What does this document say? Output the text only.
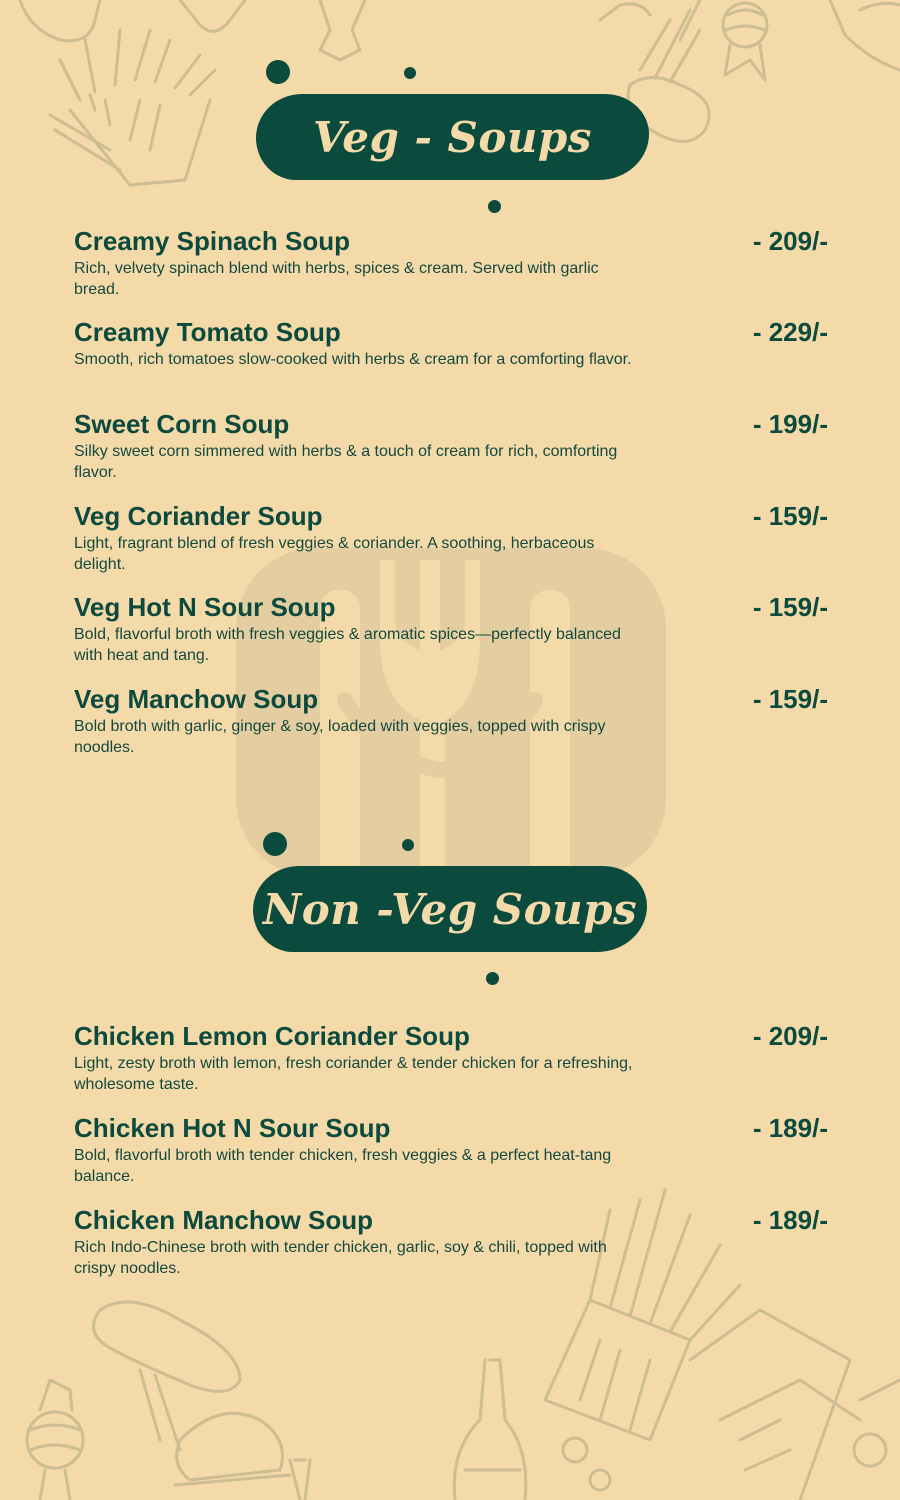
Veg - Soups
Creamy Spinach Soup	- 209/-
Rich, velvety spinach blend with herbs, spices & cream. Served with garlic bread.
Creamy Tomato Soup	- 229/-
Smooth, rich tomatoes slow-cooked with herbs & cream for a comforting flavor.
Sweet Corn Soup	- 199/-
Silky sweet corn simmered with herbs & a touch of cream for rich, comforting flavor.
Veg Coriander Soup	- 159/-
Light, fragrant blend of fresh veggies & coriander. A soothing, herbaceous delight.
Veg Hot N Sour Soup	- 159/-
Bold, flavorful broth with fresh veggies & aromatic spices—perfectly balanced with heat and tang.
Veg Manchow Soup	- 159/-
Bold broth with garlic, ginger & soy, loaded with veggies, topped with crispy noodles.
Non -Veg Soups
Chicken Lemon Coriander Soup	- 209/-
Light, zesty broth with lemon, fresh coriander & tender chicken for a refreshing, wholesome taste.
Chicken Hot N Sour Soup	- 189/-
Bold, flavorful broth with tender chicken, fresh veggies & a perfect heat-tang balance.
Chicken Manchow Soup	- 189/-
Rich Indo-Chinese broth with tender chicken, garlic, soy & chili, topped with crispy noodles.
